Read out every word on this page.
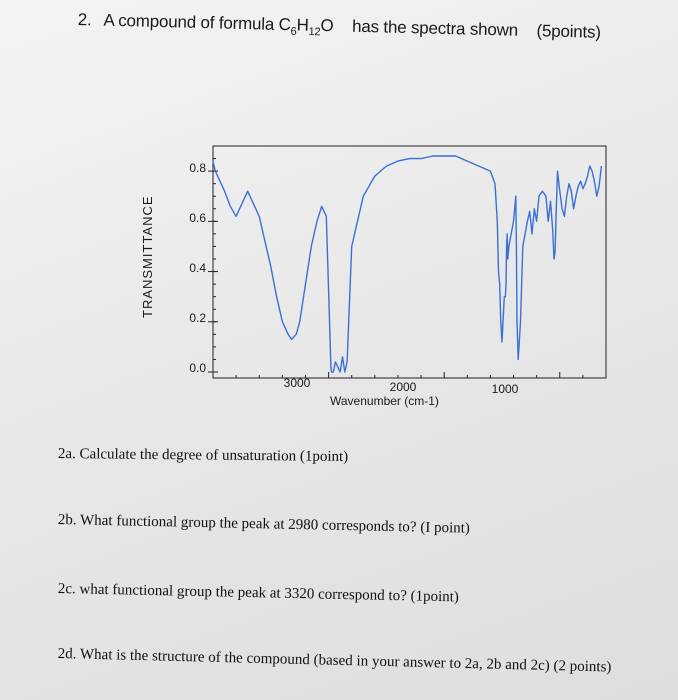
2. A compound of formula $C_6H_{12}O$ has the spectra shown (5points)
TRANSMITTANCE
0.8
0.6
0.4
0.2
0.0
3000	2000	1000
Wavenumber (cm-1)
2a. Calculate the degree of unsaturation (1point)
2b. What functional group the peak at 2980 corresponds to? (I point)
2c. what functional group the peak at 3320 correspond to? (1point)
2d. What is the structure of the compound (based in your answer to 2a, 2b and 2c) (2 points)
